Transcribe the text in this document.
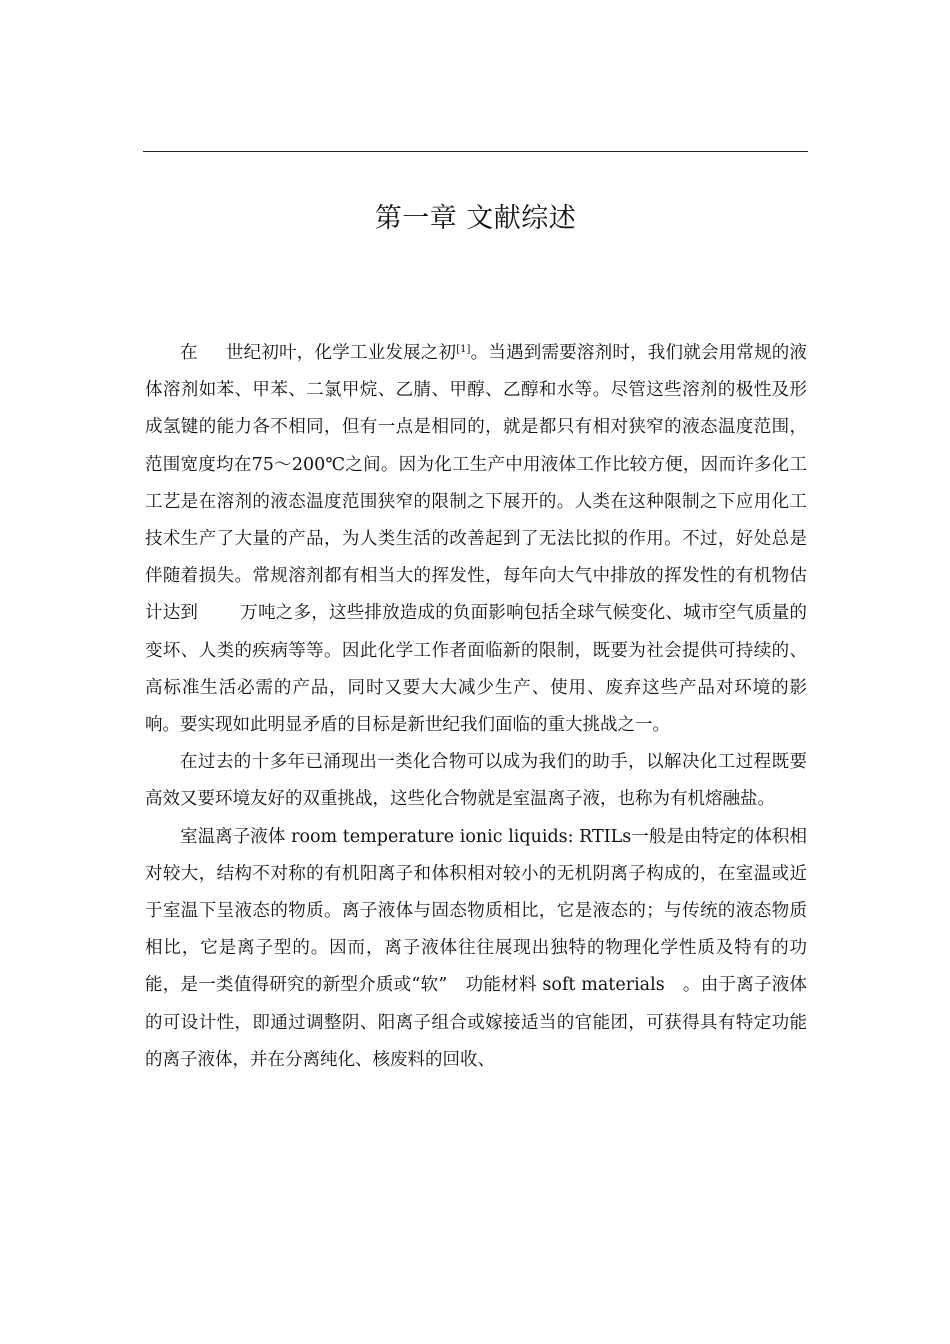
第一章 文献综述

在 世纪初叶，化学工业发展之初[1]。当遇到需要溶剂时，我们就会用常规的液体溶剂如苯、甲苯、二氯甲烷、乙腈、甲醇、乙醇和水等。尽管这些溶剂的极性及形成氢键的能力各不相同，但有一点是相同的，就是都只有相对狭窄的液态温度范围，范围宽度均在75～200℃之间。因为化工生产中用液体工作比较方便，因而许多化工工艺是在溶剂的液态温度范围狭窄的限制之下展开的。人类在这种限制之下应用化工技术生产了大量的产品，为人类生活的改善起到了无法比拟的作用。不过，好处总是伴随着损失。常规溶剂都有相当大的挥发性，每年向大气中排放的挥发性的有机物估计达到 万吨之多，这些排放造成的负面影响包括全球气候变化、城市空气质量的变坏、人类的疾病等等。因此化学工作者面临新的限制，既要为社会提供可持续的、高标准生活必需的产品，同时又要大大减少生产、使用、废弃这些产品对环境的影响。要实现如此明显矛盾的目标是新世纪我们面临的重大挑战之一。

在过去的十多年已涌现出一类化合物可以成为我们的助手，以解决化工过程既要高效又要环境友好的双重挑战，这些化合物就是室温离子液，也称为有机熔融盐。

室温离子液体 room temperature ionic liquids: RTILs一般是由特定的体积相对较大，结构不对称的有机阳离子和体积相对较小的无机阴离子构成的，在室温或近于室温下呈液态的物质。离子液体与固态物质相比，它是液态的；与传统的液态物质相比，它是离子型的。因而，离子液体往往展现出独特的物理化学性质及特有的功能，是一类值得研究的新型介质或“软” 功能材料 soft materials 。由于离子液体的可设计性，即通过调整阴、阳离子组合或嫁接适当的官能团，可获得具有特定功能的离子液体，并在分离纯化、核废料的回收、
